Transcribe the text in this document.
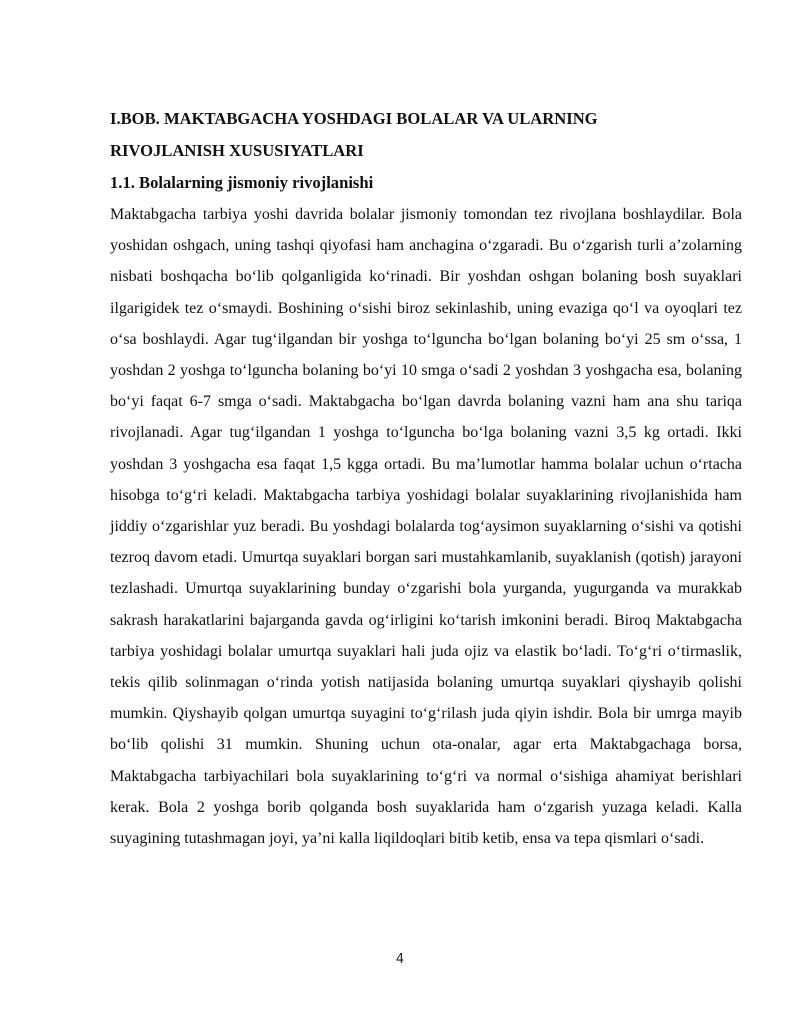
I.BOB. MAKTABGACHA YOSHDAGI BOLALAR VA ULARNING
RIVOJLANISH XUSUSIYATLARI
1.1. Bolalarning jismoniy rivojlanishi

Maktabgacha tarbiya yoshi davrida bolalar jismoniy tomondan tez rivojlana boshlaydilar. Bola yoshidan oshgach, uning tashqi qiyofasi ham anchagina o‘zgaradi. Bu o‘zgarish turli a’zolarning nisbati boshqacha bo‘lib qolganligida ko‘rinadi. Bir yoshdan oshgan bolaning bosh suyaklari ilgarigidek tez o‘smaydi. Boshining o‘sishi biroz sekinlashib, uning evaziga qo‘l va oyoqlari tez o‘sa boshlaydi. Agar tug‘ilgandan bir yoshga to‘lguncha bo‘lgan bolaning bo‘yi 25 sm o‘ssa, 1 yoshdan 2 yoshga to‘lguncha bolaning bo‘yi 10 smga o‘sadi 2 yoshdan 3 yoshgacha esa, bolaning bo‘yi faqat 6-7 smga o‘sadi. Maktabgacha bo‘lgan davrda bolaning vazni ham ana shu tariqa rivojlanadi. Agar tug‘ilgandan 1 yoshga to‘lguncha bo‘lga bolaning vazni 3,5 kg ortadi. Ikki yoshdan 3 yoshgacha esa faqat 1,5 kgga ortadi. Bu ma’lumotlar hamma bolalar uchun o‘rtacha hisobga to‘g‘ri keladi. Maktabgacha tarbiya yoshidagi bolalar suyaklarining rivojlanishida ham jiddiy o‘zgarishlar yuz beradi. Bu yoshdagi bolalarda tog‘aysimon suyaklarning o‘sishi va qotishi tezroq davom etadi. Umurtqa suyaklari borgan sari mustahkamlanib, suyaklanish (qotish) jarayoni tezlashadi. Umurtqa suyaklarining bunday o‘zgarishi bola yurganda, yugurganda va murakkab sakrash harakatlarini bajarganda gavda og‘irligini ko‘tarish imkonini beradi. Biroq Maktabgacha tarbiya yoshidagi bolalar umurtqa suyaklari hali juda ojiz va elastik bo‘ladi. To‘g‘ri o‘tirmaslik, tekis qilib solinmagan o‘rinda yotish natijasida bolaning umurtqa suyaklari qiyshayib qolishi mumkin. Qiyshayib qolgan umurtqa suyagini to‘g‘rilash juda qiyin ishdir. Bola bir umrga mayib bo‘lib qolishi 31 mumkin. Shuning uchun ota-onalar, agar erta Maktabgachaga borsa, Maktabgacha tarbiyachilari bola suyaklarining to‘g‘ri va normal o‘sishiga ahamiyat berishlari kerak. Bola 2 yoshga borib qolganda bosh suyaklarida ham o‘zgarish yuzaga keladi. Kalla suyagining tutashmagan joyi, ya’ni kalla liqildoqlari bitib ketib, ensa va tepa qismlari o‘sadi.

4
